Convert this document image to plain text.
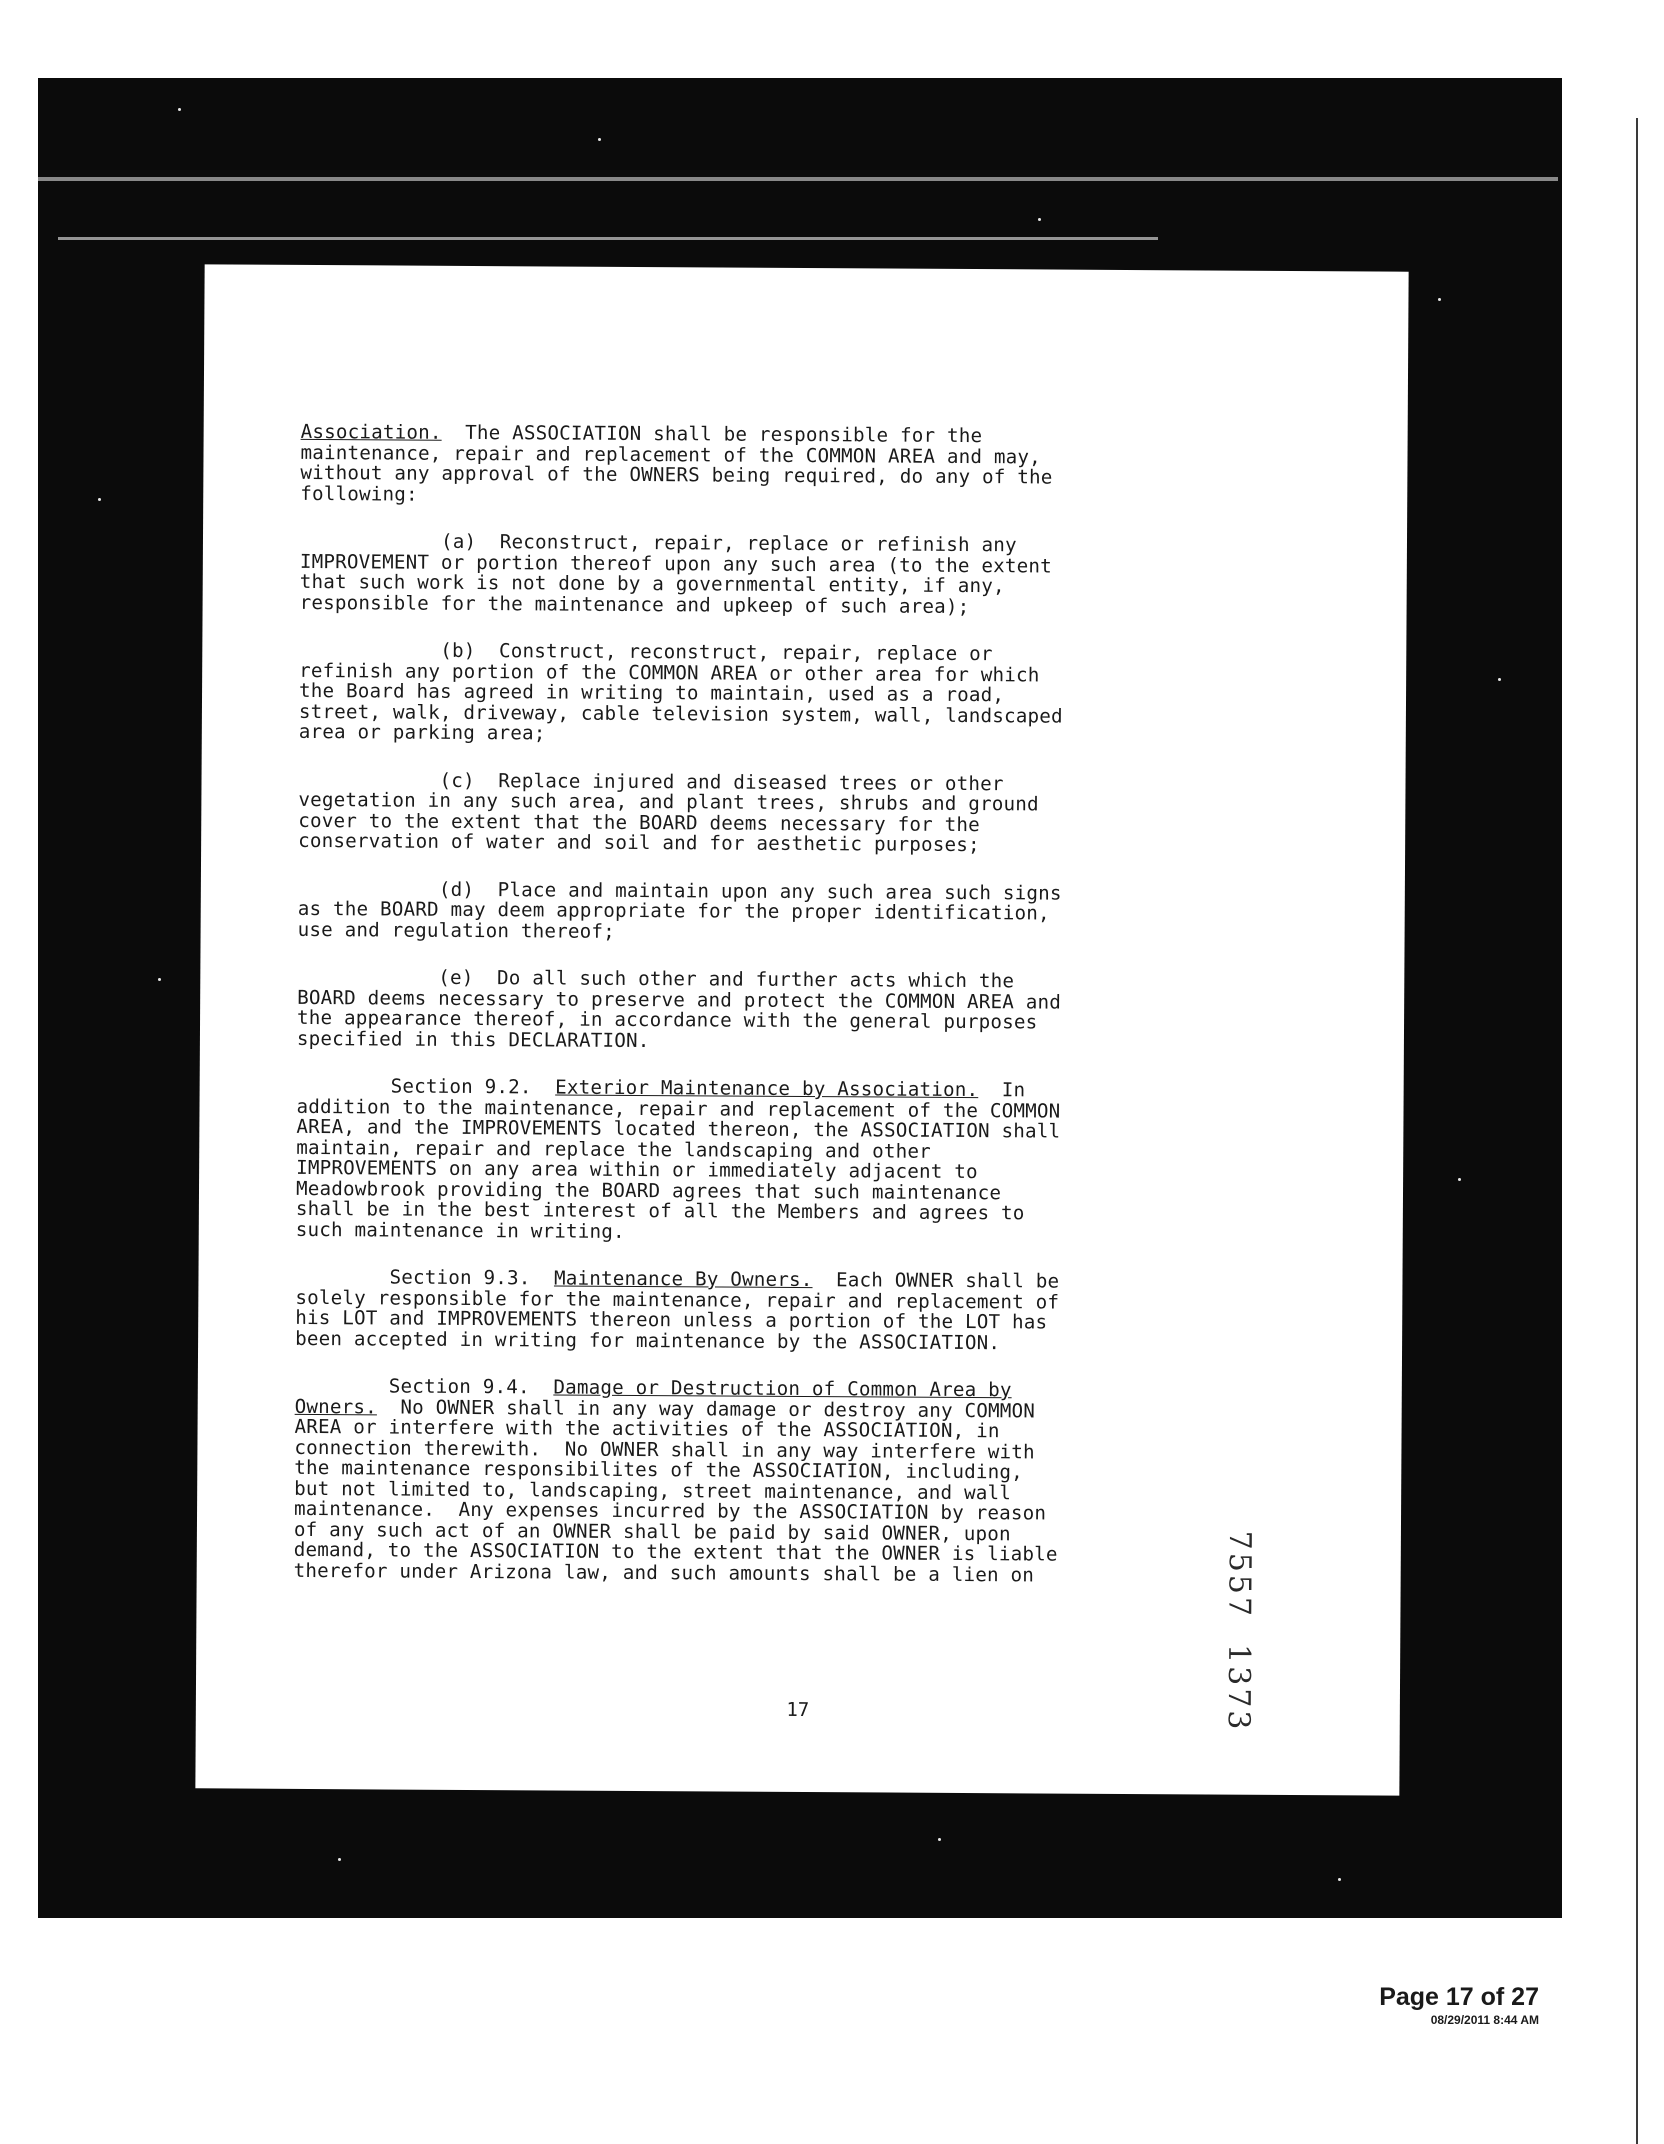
Association.  The ASSOCIATION shall be responsible for the
maintenance, repair and replacement of the COMMON AREA and may,
without any approval of the OWNERS being required, do any of the
following:
(a)  Reconstruct, repair, replace or refinish any
IMPROVEMENT or portion thereof upon any such area (to the extent
that such work is not done by a governmental entity, if any,
responsible for the maintenance and upkeep of such area);
(b)  Construct, reconstruct, repair, replace or
refinish any portion of the COMMON AREA or other area for which
the Board has agreed in writing to maintain, used as a road,
street, walk, driveway, cable television system, wall, landscaped
area or parking area;
(c)  Replace injured and diseased trees or other
vegetation in any such area, and plant trees, shrubs and ground
cover to the extent that the BOARD deems necessary for the
conservation of water and soil and for aesthetic purposes;
(d)  Place and maintain upon any such area such signs
as the BOARD may deem appropriate for the proper identification,
use and regulation thereof;
(e)  Do all such other and further acts which the
BOARD deems necessary to preserve and protect the COMMON AREA and
the appearance thereof, in accordance with the general purposes
specified in this DECLARATION.
Section 9.2.  Exterior Maintenance by Association.  In
addition to the maintenance, repair and replacement of the COMMON
AREA, and the IMPROVEMENTS located thereon, the ASSOCIATION shall
maintain, repair and replace the landscaping and other
IMPROVEMENTS on any area within or immediately adjacent to
Meadowbrook providing the BOARD agrees that such maintenance
shall be in the best interest of all the Members and agrees to
such maintenance in writing.
Section 9.3.  Maintenance By Owners.  Each OWNER shall be
solely responsible for the maintenance, repair and replacement of
his LOT and IMPROVEMENTS thereon unless a portion of the LOT has
been accepted in writing for maintenance by the ASSOCIATION.
Section 9.4.  Damage or Destruction of Common Area by
Owners.  No OWNER shall in any way damage or destroy any COMMON
AREA or interfere with the activities of the ASSOCIATION, in
connection therewith.  No OWNER shall in any way interfere with
the maintenance responsibilites of the ASSOCIATION, including,
but not limited to, landscaping, street maintenance, and wall
maintenance.  Any expenses incurred by the ASSOCIATION by reason
of any such act of an OWNER shall be paid by said OWNER, upon
demand, to the ASSOCIATION to the extent that the OWNER is liable
therefor under Arizona law, and such amounts shall be a lien on
17	7557  1373
Page 17 of 27
08/29/2011 8:44 AM
